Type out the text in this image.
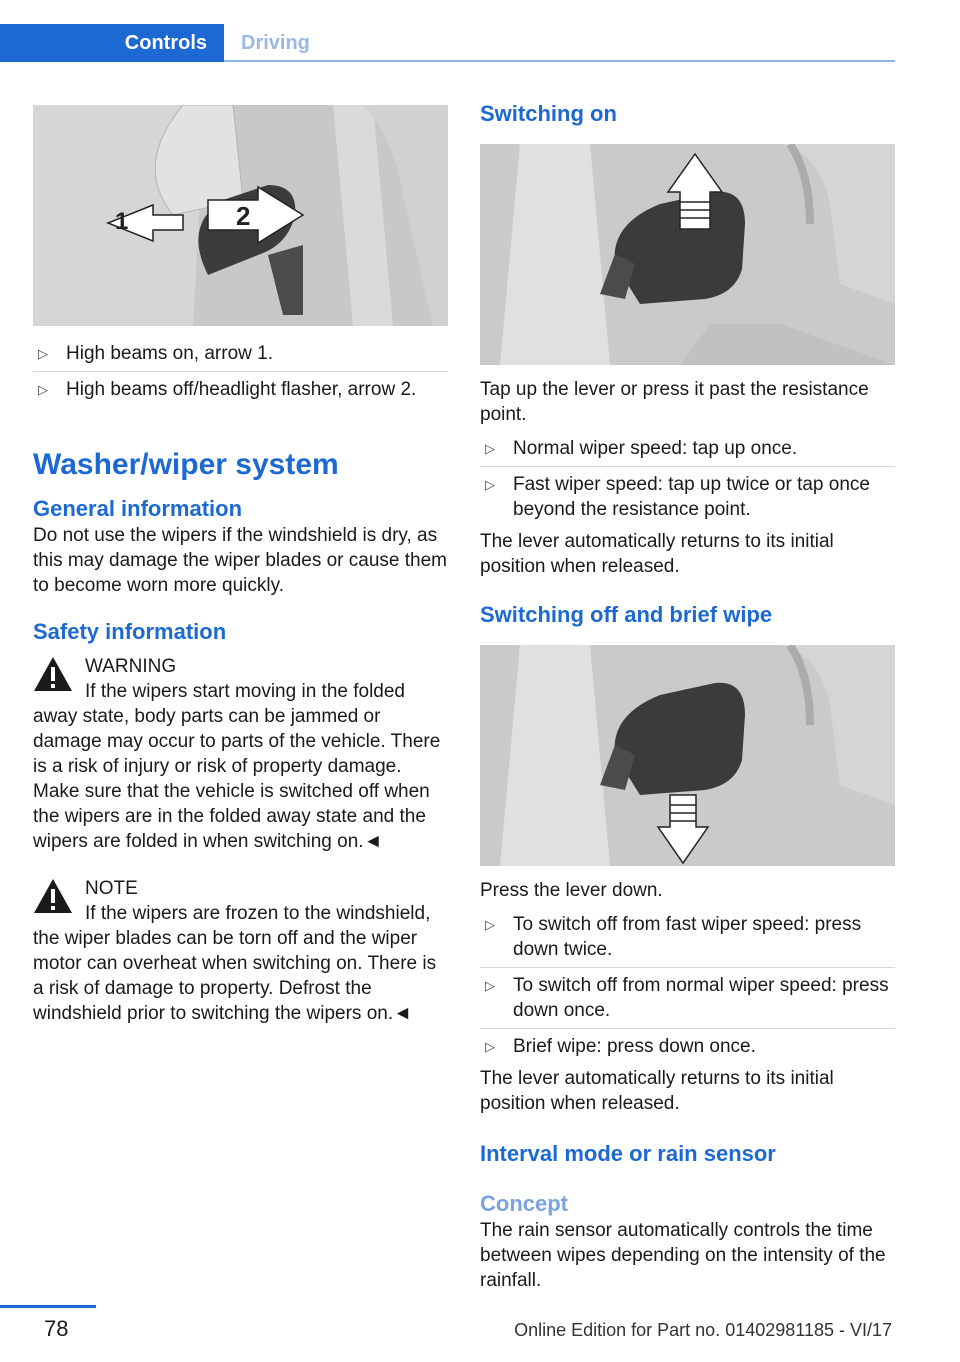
Controls	Driving
1	2
▷ High beams on, arrow 1.
▷ High beams off/headlight flasher, arrow 2.
Washer/wiper system
General information

Do not use the wipers if the windshield is dry, as this may damage the wiper blades or cause them to become worn more quickly.

Safety information
WARNING

If the wipers start moving in the folded

away state, body parts can be jammed or damage may occur to parts of the vehicle. There is a risk of injury or risk of property damage. Make sure that the vehicle is switched off when the wipers are in the folded away state and the wipers are folded in when switching on.◄

NOTE

If the wipers are frozen to the windshield,

the wiper blades can be torn off and the wiper motor can overheat when switching on. There is a risk of damage to property. Defrost the windshield prior to switching the wipers on.◄

Switching on

Tap up the lever or press it past the resistance point.

▷ Normal wiper speed: tap up once.
▷ Fast wiper speed: tap up twice or tap once beyond the resistance point.

The lever automatically returns to its initial position when released.

Switching off and brief wipe

Press the lever down.

▷ To switch off from fast wiper speed: press down twice.
▷ To switch off from normal wiper speed: press down once.
▷ Brief wipe: press down once.

The lever automatically returns to its initial position when released.

Interval mode or rain sensor
Concept

The rain sensor automatically controls the time between wipes depending on the intensity of the rainfall.

78	Online Edition for Part no. 01402981185 - VI/17
